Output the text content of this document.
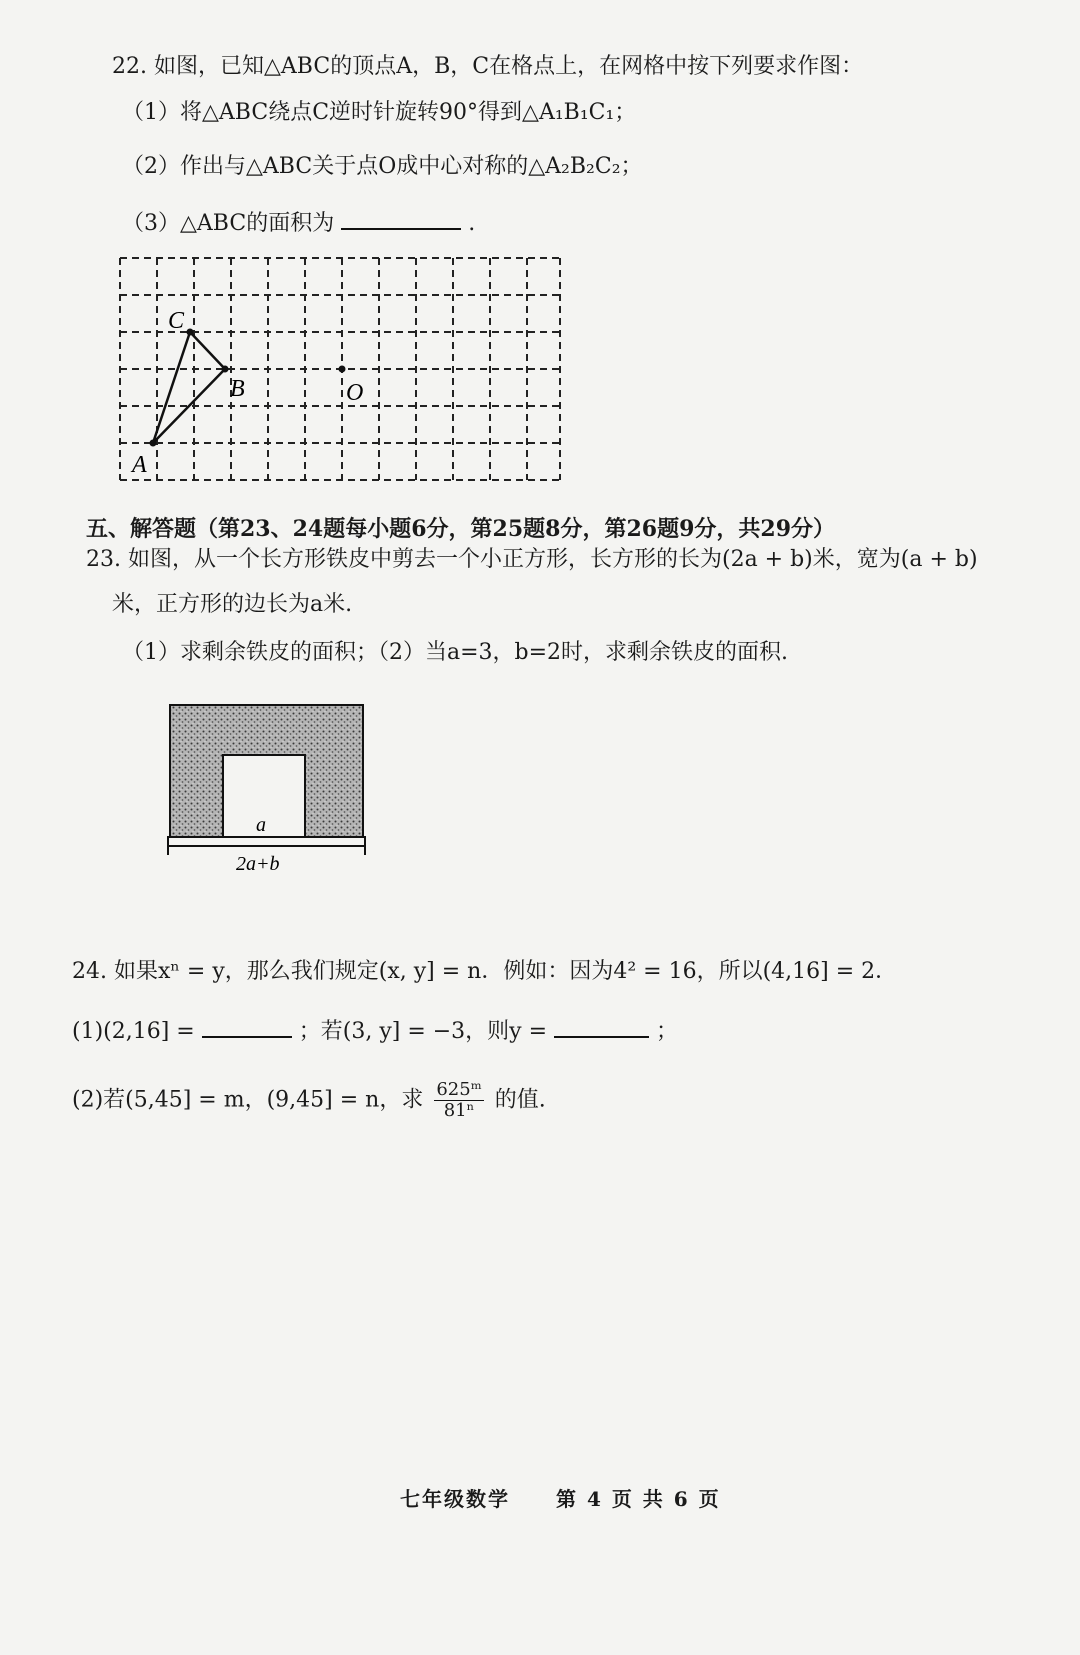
22. 如图，已知△ABC的顶点A，B，C在格点上，在网格中按下列要求作图：
（1）将△ABC绕点C逆时针旋转90°得到△A₁B₁C₁；
（2）作出与△ABC关于点O成中心对称的△A₂B₂C₂；
（3）△ABC的面积为	.
C
B	O
A
五、解答题（第23、24题每小题6分，第25题8分，第26题9分，共29分）
23. 如图，从一个长方形铁皮中剪去一个小正方形，长方形的长为(2a + b)米，宽为(a + b)
米，正方形的边长为a米.
（1）求剩余铁皮的面积；（2）当a=3，b=2时，求剩余铁皮的面积.
a
2a+b
24. 如果xⁿ = y，那么我们规定(x, y] = n．例如：因为4² = 16，所以(4,16] = 2．
(1)(2,16] =	；若(3, y] = −3，则y =	；
(2)若(5,45] = m，(9,45] = n，求 $\frac{\text{625ᵐ}}{\text{81ⁿ}}$ 的值.
七年级数学 第 4 页 共 6 页
